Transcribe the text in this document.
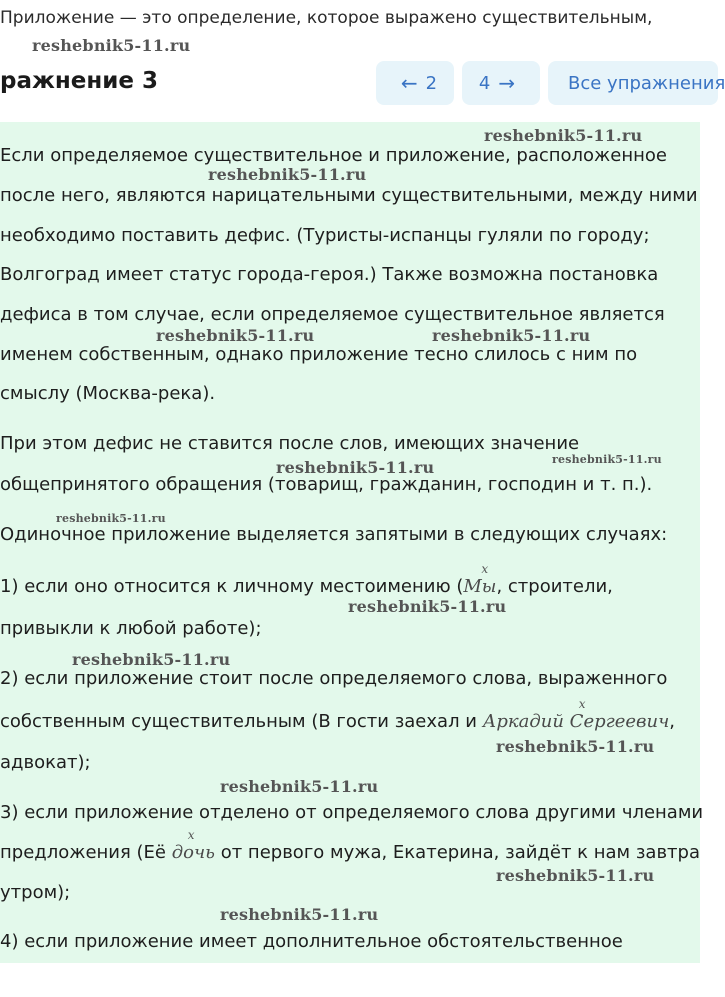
Приложение — это определение, которое выражено существительным,
reshebnik5-11.ru
ражнение 3	← 2 4 →	Все упражнения
reshebnik5-11.ru
Если определяемое существительное и приложение, расположенное
reshebnik5-11.ru
после него, являются нарицательными существительными, между ними
необходимо поставить дефис. (Туристы-испанцы гуляли по городу;
Волгоград имеет статус города-героя.) Также возможна постановка
дефиса в том случае, если определяемое существительное является
reshebnik5-11.ru	reshebnik5-11.ru
именем собственным, однако приложение тесно слилось с ним по
смыслу (Москва-река).
При этом дефис не ставится после слов, имеющих значение
reshebnik5-11.ru
reshebnik5-11.ru
общепринятого обращения (товарищ, гражданин, господин и т. п.).
reshebnik5-11.ru
Одиночное приложение выделяется запятыми в следующих случаях:
1) если оно относится к личному местоимению (
x
Мы, строители,
reshebnik5-11.ru
привыкли к любой работе);
reshebnik5-11.ru
2) если приложение стоит после определяемого слова, выраженного
собственным существительным (В гости заехал и
x
Аркадий Сергеевич,
reshebnik5-11.ru
адвокат);
reshebnik5-11.ru
3) если приложение отделено от определяемого слова другими членами
предложения (Её
x
дочь от первого мужа, Екатерина, зайдёт к нам завтра
reshebnik5-11.ru
утром);
reshebnik5-11.ru
4) если приложение имеет дополнительное обстоятельственное
